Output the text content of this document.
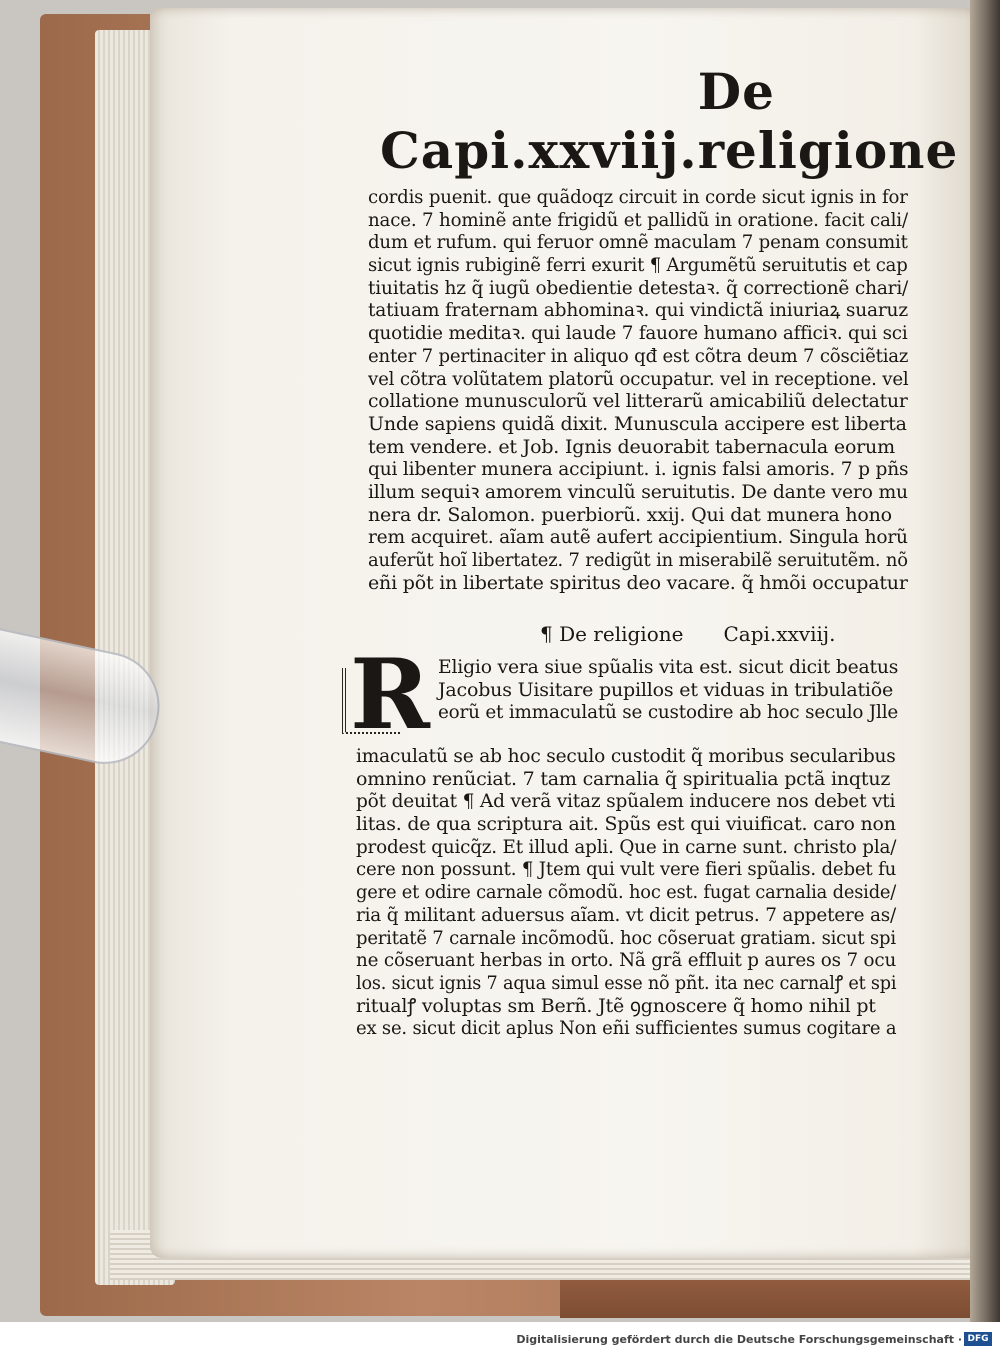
Capi.xxviij.
De religione
cordis puenit. que quãdoqz circuit in corde sicut ignis in for
nace. 7 hominẽ ante frigidũ et pallidũ in oratione. facit cali/
dum et rufum. qui feruor omnẽ maculam 7 penam consumit
sicut ignis rubiginẽ ferri exurit ¶ Argumẽtũ seruitutis et cap
tiuitatis hz q̃ iugũ obedientie detestaꝛ. q̃ correctionẽ chari/
tatiuam fraternam abhominaꝛ. qui vindictã iniuriaꝝ suaruz
quotidie meditaꝛ. qui laude 7 fauore humano afficiꝛ. qui sci
enter 7 pertinaciter in aliquo qđ est cõtra deum 7 cõsciẽtiaz
vel cõtra volũtatem platorũ occupatur. vel in receptione. vel
collatione munusculorũ vel litterarũ amicabiliũ delectatur
Unde sapiens quidã dixit. Munuscula accipere est liberta
tem vendere. et Job. Ignis deuorabit tabernacula eorum
qui libenter munera accipiunt. i. ignis falsi amoris. 7 p pñs
illum sequiꝛ amorem vinculũ seruitutis. De dante vero mu
nera dr. Salomon. puerbiorũ. xxij. Qui dat munera hono
rem acquiret. aĩam autẽ aufert accipientium. Singula horũ
auferũt hoĩ libertatez. 7 redigũt in miserabilẽ seruitutẽm. nõ
eñi põt in libertate spiritus deo vacare. q̃ hmõi occupatur
¶ De religione Capi.xxviij.
R Eligio vera siue spũalis vita est. sicut dicit beatus
Jacobus Uisitare pupillos et viduas in tribulatiõe
eorũ et immaculatũ se custodire ab hoc seculo Jlle
imaculatũ se ab hoc seculo custodit q̃ moribus secularibus
omnino renũciat. 7 tam carnalia q̃ spiritualia pctã inqtuz
põt deuitat ¶ Ad verã vitaz spũalem inducere nos debet vti
litas. de qua scriptura ait. Spũs est qui viuificat. caro non
prodest quicq̃z. Et illud apli. Que in carne sunt. christo pla/
cere non possunt. ¶ Jtem qui vult vere fieri spũalis. debet fu
gere et odire carnale cõmodũ. hoc est. fugat carnalia deside/
ria q̃ militant aduersus aĩam. vt dicit petrus. 7 appetere as/
peritatẽ 7 carnale incõmodũ. hoc cõseruat gratiam. sicut spi
ne cõseruant herbas in orto. Nã grã effluit p aures os 7 ocu
los. sicut ignis 7 aqua simul esse nõ pñt. ita nec carnalꝭ et spi
ritualꝭ voluptas sm Berñ. Jtẽ ꝯgnoscere q̃ homo nihil pt
ex se. sicut dicit aplus Non eñi sufficientes sumus cogitare a
Digitalisierung gefördert durch die Deutsche Forschungsgemeinschaft · DFG
